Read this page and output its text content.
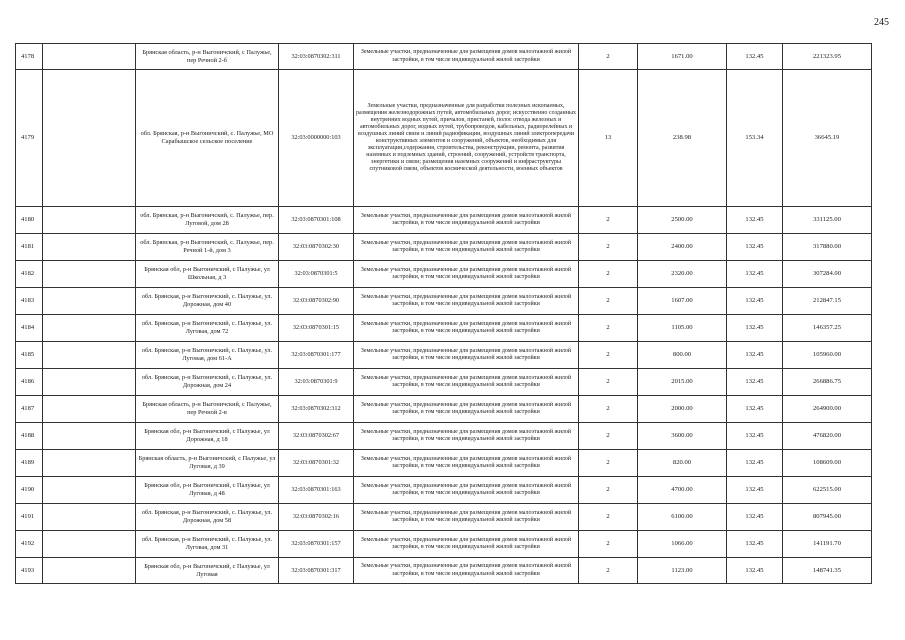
245
4178		Брянская область, р-н Выгоничский, с Палужье, пер Речной 2-б	32:03:0870302:311	Земельные участки, предназначенные для размещения домов малоэтажной жилой застройки, в том числе индивидуальной жилой застройки	2	1671.00	132.45	221323.95
4179		обл. Брянская, р-н Выгоничский, с. Палужье, МО Сарабышское сельское поселение	32:03:0000000:103	Земельные участки, предназначенные для разработки полезных ископаемых, размещения железнодорожных путей, автомобильных дорог, искусственно созданных внутренних водных путей, причалов, пристаней, полос отвода железных и автомобильных дорог, водных путей, трубопроводов, кабельных, радиорелейных и воздушных линий связи и линий радиофикации, воздушных линий электропередачи конструктивных элементов и сооружений, объектов, необходимых для эксплуатации,содержания, строительства, реконструкции, ремонта, развития наземных и подземных зданий, строений, сооружений, устройств транспорта, энергетики и связи; размещения наземных сооружений и инфраструктуры спутниковой связи, объектов космической деятельности, военных объектов	13	238.98	153.34	36645.19
4180		обл. Брянская, р-н Выгоничский, с. Палужье, пер. Луговой, дом 28	32:03:0870301:108	Земельные участки, предназначенные для размещения домов малоэтажной жилой застройки, в том числе индивидуальной жилой застройки	2	2500.00	132.45	331125.00
4181		обл. Брянская, р-н Выгоничский, с. Палужье, пер. Речной 1-й, дом 3	32:03:0870302:30	Земельные участки, предназначенные для размещения домов малоэтажной жилой застройки, в том числе индивидуальной жилой застройки	2	2400.00	132.45	317880.00
4182		Брянская обл, р-н Выгоничский, с Палужье, ул Школьная, д 3	32:03:0870301:5	Земельные участки, предназначенные для размещения домов малоэтажной жилой застройки, в том числе индивидуальной жилой застройки	2	2320.00	132.45	307284.00
4183		обл. Брянская, р-н Выгоничский, с. Палужье, ул. Дорожная, дом 40	32:03:0870302:90	Земельные участки, предназначенные для размещения домов малоэтажной жилой застройки, в том числе индивидуальной жилой застройки	2	1607.00	132.45	212847.15
4184		обл. Брянская, р-н Выгоничский, с. Палужье, ул. Луговая, дом 72	32:03:0870301:15	Земельные участки, предназначенные для размещения домов малоэтажной жилой застройки, в том числе индивидуальной жилой застройки	2	1105.00	132.45	146357.25
4185		обл. Брянская, р-н Выгоничский, с. Палужье, ул. Луговая, дом 61-А	32:03:0870301:177	Земельные участки, предназначенные для размещения домов малоэтажной жилой застройки, в том числе индивидуальной жилой застройки	2	800.00	132.45	105960.00
4186		обл. Брянская, р-н Выгоничский, с. Палужье, ул. Дорожная, дом 24	32:03:0870301:9	Земельные участки, предназначенные для размещения домов малоэтажной жилой застройки, в том числе индивидуальной жилой застройки	2	2015.00	132.45	266886.75
4187		Брянская область, р-н Выгоничский, с Палужье, пер Речной 2-в	32:03:0870302:312	Земельные участки, предназначенные для размещения домов малоэтажной жилой застройки, в том числе индивидуальной жилой застройки	2	2000.00	132.45	264900.00
4188		Брянская обл, р-н Выгоничский, с Палужье, ул Дорожная, д 18	32:03:0870302:67	Земельные участки, предназначенные для размещения домов малоэтажной жилой застройки, в том числе индивидуальной жилой застройки	2	3600.00	132.45	476820.00
4189		Брянская область, р-н Выгоничский, с Палужье, ул Луговая, д 39	32:03:0870301:32	Земельные участки, предназначенные для размещения домов малоэтажной жилой застройки, в том числе индивидуальной жилой застройки	2	820.00	132.45	108609.00
4190		Брянская обл, р-н Выгоничский, с Палужье, ул Луговая, д 48	32:03:0870301:163	Земельные участки, предназначенные для размещения домов малоэтажной жилой застройки, в том числе индивидуальной жилой застройки	2	4700.00	132.45	622515.00
4191		обл. Брянская, р-н Выгоничский, с. Палужье, ул. Дорожная, дом 58	32:03:0870302:16	Земельные участки, предназначенные для размещения домов малоэтажной жилой застройки, в том числе индивидуальной жилой застройки	2	6100.00	132.45	807945.00
4192		обл. Брянская, р-н Выгоничский, с. Палужье, ул. Луговая, дом 31	32:03:0870301:157	Земельные участки, предназначенные для размещения домов малоэтажной жилой застройки, в том числе индивидуальной жилой застройки	2	1066.00	132.45	141191.70
4193		Брянская обл, р-н Выгоничский, с Палужье, ул Луговая	32:03:0870301:317	Земельные участки, предназначенные для размещения домов малоэтажной жилой застройки, в том числе индивидуальной жилой застройки	2	1123.00	132.45	148741.35
